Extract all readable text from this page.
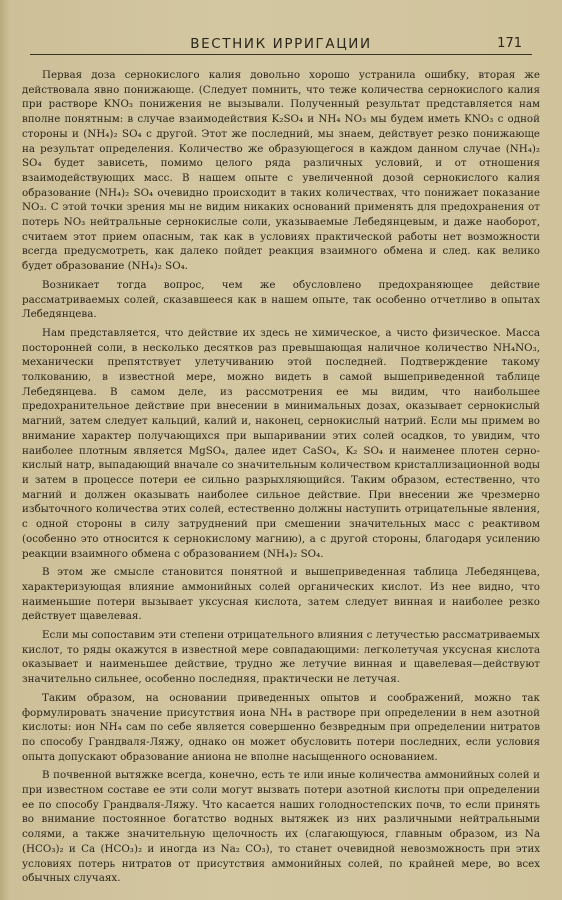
ВЕСТНИК ИРРИГАЦИИ	171

Первая доза сернокислого калия довольно хорошо устранила ошибку, вторая же действовала явно понижающе. (Следует помнить, что теже количества сернокислого калия при растворе KNO₃ понижения не вызывали. Полученный результат представляется нам вполне понятным: в случае взаимодействия K₂SO₄ и NH₄ NO₃ мы будем иметь KNO₃ с одной стороны и (NH₄)₂ SO₄ с другой. Этот же последний, мы знаем, действует резко понижающе на результат определения. Количество же образующегося в каждом данном случае (NH₄)₂ SO₄ будет зависеть, помимо целого ряда различных условий, и от отношения взаимодействующих масс. В нашем опыте с увеличенной дозой сернокислого калия образование (NH₄)₂ SO₄ очевидно происходит в таких количествах, что понижает показание NO₃. С этой точки зрения мы не видим никаких оснований применять для предохранения от потерь NO₃ нейтральные сернокислые соли, указываемые Лебедянцевым, и даже наоборот, считаем этот прием опасным, так как в условиях практической работы нет возможности всегда предусмотреть, как далеко пойдет реакция взаимного обмена и след. как велико будет образование (NH₄)₂ SO₄.

Возникает тогда вопрос, чем же обусловлено предохраняющее действие рассматриваемых солей, сказавшееся как в нашем опыте, так особенно отчетливо в опытах Лебедянцева.

Нам представляется, что действие их здесь не химическое, а чисто физическое. Масса посторонней соли, в несколько десятков раз превышающая наличное количество NH₄NO₃, механически препятствует улетучиванию этой последней. Подтверждение такому толкованию, в известной мере, можно видеть в самой вышеприведенной таблице Лебедянцева. В самом деле, из рассмотрения ее мы видим, что наибольшее предохранительное действие при внесении в минимальных дозах, оказывает сернокислый магний, затем следует кальций, калий и, наконец, сернокислый натрий. Если мы примем во внимание характер получающихся при выпаривании этих солей осадков, то увидим, что наиболее плотным является MgSO₄, далее идет CaSO₄, K₂ SO₄ и наименее плотен серно-кислый натр, выпадающий вначале со значительным количеством кристаллизационной воды и затем в процессе потери ее сильно разрыхляющийся. Таким образом, естественно, что магний и должен оказывать наиболее сильное действие. При внесении же чрезмерно избыточного количества этих солей, естественно должны наступить отрицательные явления, с одной стороны в силу затруднений при смешении значительных масс с реактивом (особенно это относится к сернокислому магнию), а с другой стороны, благодаря усилению реакции взаимного обмена с образованием (NH₄)₂ SO₄.

В этом же смысле становится понятной и вышеприведенная таблица Лебедянцева, характеризующая влияние аммонийных солей органических кислот. Из нее видно, что наименьшие потери вызывает уксусная кислота, затем следует винная и наиболее резко действует щавелевая.

Если мы сопоставим эти степени отрицательного влияния с летучестью рассматриваемых кислот, то ряды окажутся в известной мере совпадающими: легколетучая уксусная кислота оказывает и наименьшее действие, трудно же летучие винная и щавелевая—действуют значительно сильнее, особенно последняя, практически не летучая.

Таким образом, на основании приведенных опытов и соображений, можно так формулировать значение присутствия иона NH₄ в растворе при определении в нем азотной кислоты: ион NH₄ сам по себе является совершенно безвредным при определении нитратов по способу Грандваля-Ляжу, однако он может обусловить потери последних, если условия опыта допускают образование аниона не вполне насыщенного основанием.

В почвенной вытяжке всегда, конечно, есть те или иные количества аммонийных солей и при известном составе ее эти соли могут вызвать потери азотной кислоты при определении ее по способу Грандваля-Ляжу. Что касается наших голодностепских почв, то если принять во внимание постоянное богатство водных вытяжек из них различными нейтральными солями, а также значительную щелочность их (слагающуюся, главным образом, из Na (HCO₃)₂ и Ca (HCO₃)₂ и иногда из Na₂ CO₃), то станет очевидной невозможность при этих условиях потерь нитратов от присутствия аммонийных солей, по крайней мере, во всех обычных случаях.
